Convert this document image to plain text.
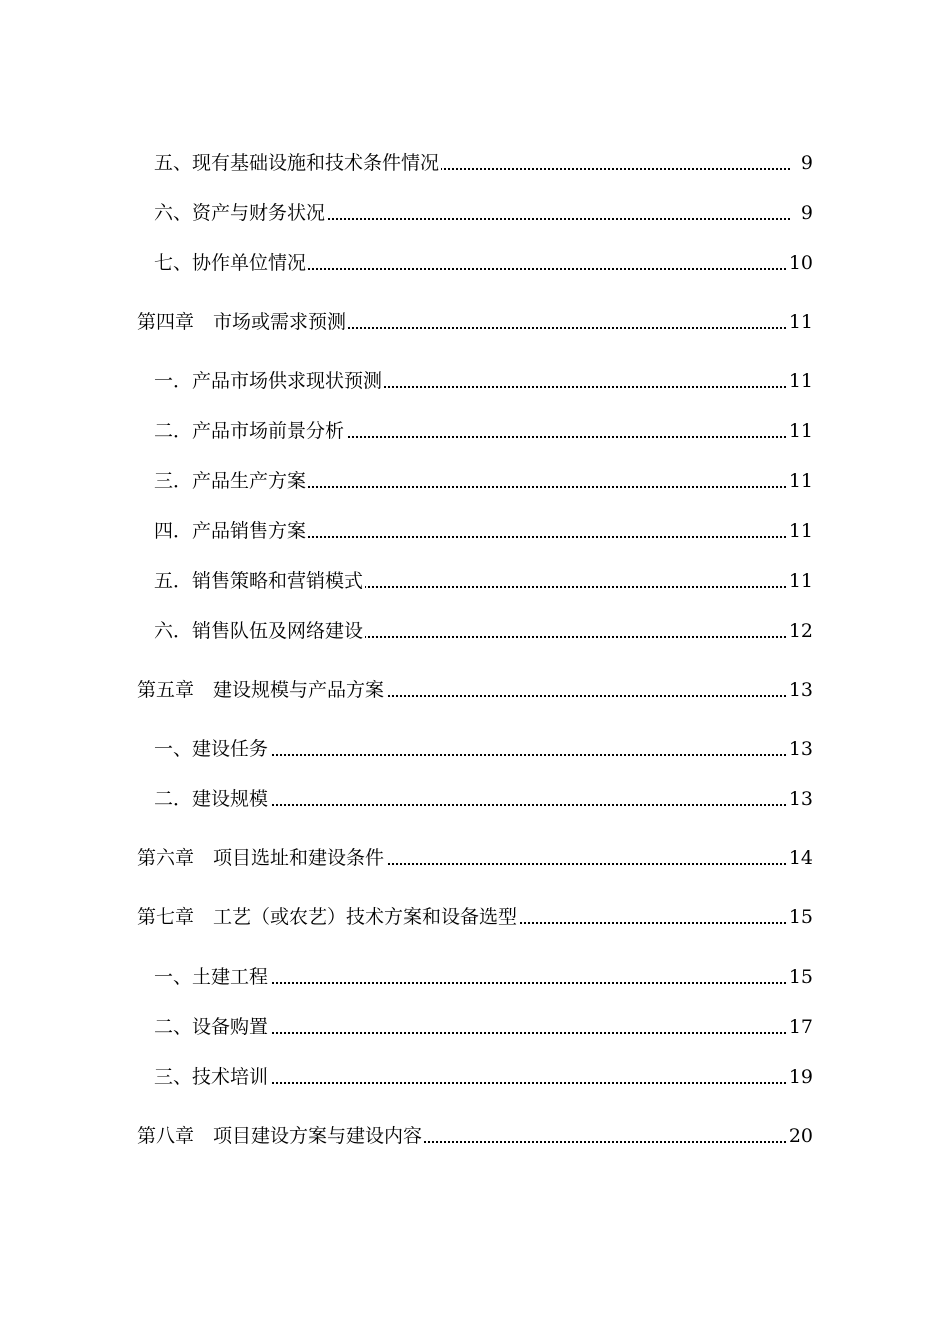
五、现有基础设施和技术条件情况	9
六、资产与财务状况	9
七、协作单位情况	10
第四章　市场或需求预测	11
一．产品市场供求现状预测	11
二．产品市场前景分析	11
三．产品生产方案	11
四．产品销售方案	11
五．销售策略和营销模式	11
六．销售队伍及网络建设	12
第五章　建设规模与产品方案	13
一、建设任务	13
二．建设规模	13
第六章　项目选址和建设条件	14
第七章　工艺（或农艺）技术方案和设备选型	15
一、土建工程	15
二、设备购置	17
三、技术培训	19
第八章　项目建设方案与建设内容	20
